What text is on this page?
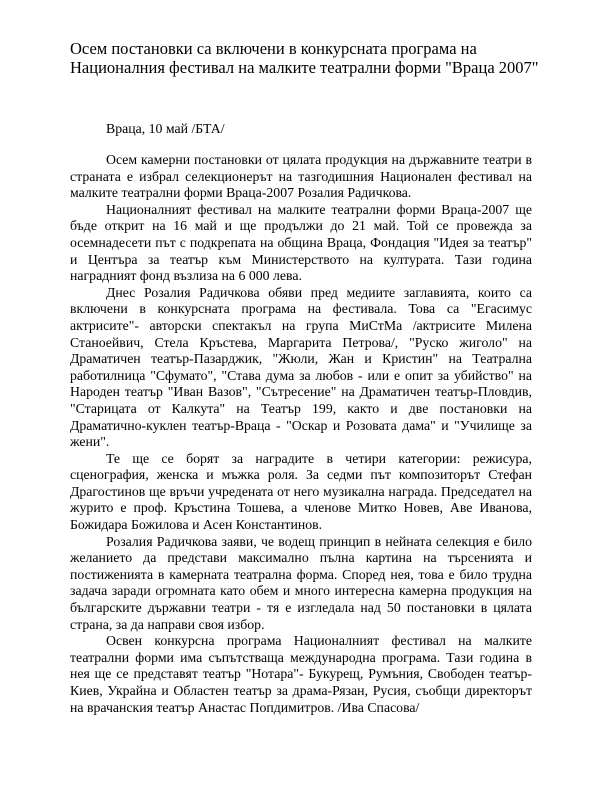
Осем постановки са включени в конкурсната програма на Националния фестивал на малките театрални форми "Враца 2007"

Враца, 10 май /БТА/

Осем камерни постановки от цялата продукция на държавните театри в страната е избрал селекционерът на тазгодишния Национален фестивал на малките театрални форми Враца-2007 Розалия Радичкова.

Националният фестивал на малките театрални форми Враца-2007 ще бъде открит на 16 май и ще продължи до 21 май. Той се провежда за осемнадесети път с подкрепата на община Враца, Фондация "Идея за театър" и Центъра за театър към Министерството на културата. Тази година наградният фонд възлиза на 6 000 лева.

Днес Розалия Радичкова обяви пред медиите заглавията, които са включени в конкурсната програма на фестивала. Това са "Егасимус актрисите"- авторски спектакъл на група МиСтМа /актрисите Милена Станоейвич, Стела Кръстева, Маргарита Петрова/, "Руско жиголо" на Драматичен театър-Пазарджик, "Жюли, Жан и Кристин" на Театрална работилница "Сфумато", "Става дума за любов - или е опит за убийство" на Народен театър "Иван Вазов", "Сътресение" на Драматичен театър-Пловдив, "Старицата от Калкута" на Театър 199, както и две постановки на Драматично-куклен театър-Враца - "Оскар и Розовата дама" и "Училище за жени".

Те ще се борят за наградите в четири категории: режисура, сценография, женска и мъжка роля. За седми път композиторът Стефан Драгостинов ще връчи учредената от него музикална награда. Председател на журито е проф. Кръстина Тошева, а членове Митко Новев, Аве Иванова, Божидара Божилова и Асен Константинов.

Розалия Радичкова заяви, че водещ принцип в нейната селекция е било желанието да представи максимално пълна картина на търсенията и постиженията в камерната театрална форма. Според нея, това е било трудна задача заради огромната като обем и много интересна камерна продукция на българските държавни театри - тя е изгледала над 50 постановки в цялата страна, за да направи своя избор.

Освен конкурсна програма Националният фестивал на малките театрални форми има съпътстваща международна програма. Тази година в нея ще се представят театър "Нотара"- Букурещ, Румъния, Свободен театър-Киев, Украйна и Областен театър за драма-Рязан, Русия, съобщи директорът на врачанския театър Анастас Попдимитров. /Ива Спасова/
